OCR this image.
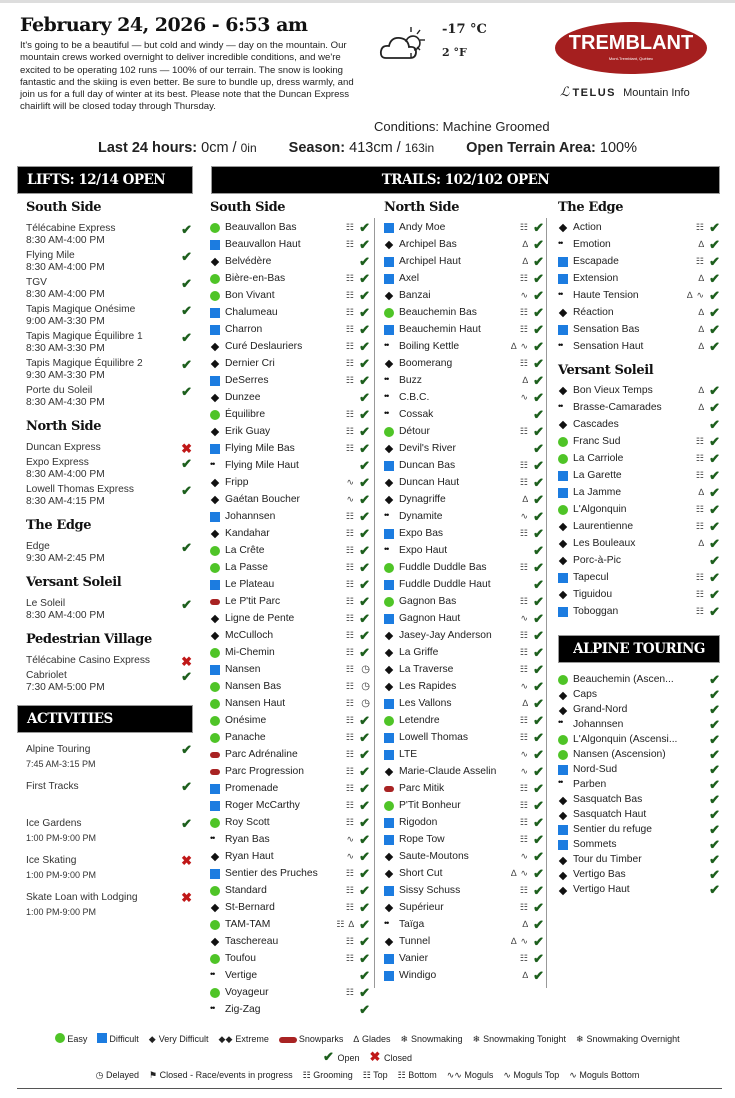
February 24, 2026 - 6:53 am

It's going to be a beautiful — but cold and windy — day on the mountain. Our mountain crews worked overnight to deliver incredible conditions, and we're excited to be operating 102 runs — 100% of our terrain. The snow is looking fantastic and the skiing is even better. Be sure to bundle up, dress warmly, and join us for a full day of winter at its best. Please note that the Duncan Express chairlift will be closed today through Thursday.

-17 °C
2 °F	TREMBLANT
Mont-Tremblant, Québec
ℒ TELUS Mountain Info
Conditions: Machine Groomed
Last 24 hours: 0cm / 0in Season: 413cm / 163in Open Terrain Area: 100%
LIFTS: 12/14 OPEN	TRAILS: 102/102 OPEN
ACTIVITIES
ALPINE TOURING
South Side
Télécabine Express
8:30 AM-4:00 PM
✔
Flying Mile
8:30 AM-4:00 PM
✔
TGV
8:30 AM-4:00 PM
✔
Tapis Magique Onésime
9:00 AM-3:30 PM
✔
Tapis Magique Équilibre 1
8:30 AM-3:30 PM
✔
Tapis Magique Équilibre 2
9:30 AM-3:30 PM
✔
Porte du Soleil
8:30 AM-4:30 PM
✔
North Side
Duncan Express	✖
Expo Express
8:30 AM-4:00 PM
✔
Lowell Thomas Express
8:30 AM-4:15 PM
✔
The Edge
Edge
9:30 AM-2:45 PM
✔
Versant Soleil
Le Soleil
8:30 AM-4:00 PM
✔
Pedestrian Village
Télécabine Casino Express	✖
Cabriolet
7:30 AM-5:00 PM
✔
Alpine Touring
7:45 AM-3:15 PM
✔
First Tracks	✔
Ice Gardens
1:00 PM-9:00 PM
✔
Ice Skating
1:00 PM-9:00 PM
✖
Skate Loan with Lodging
1:00 PM-9:00 PM
✖
South Side
Beauvallon Bas	☷ ✔
Beauvallon Haut	☷ ✔
Belvédère	✔
Bière-en-Bas	☷ ✔
Bon Vivant	☷ ✔
Chalumeau	☷ ✔
Charron	☷ ✔
Curé Deslauriers	☷ ✔
Dernier Cri	☷ ✔
DeSerres	☷ ✔
Dunzee	✔
Équilibre	☷ ✔
Erik Guay	☷ ✔
Flying Mile Bas	☷ ✔
••
Flying Mile Haut	✔
Fripp	∿ ✔
Gaétan Boucher	∿ ✔
Johannsen	☷ ✔
Kandahar	☷ ✔
La Crête	☷ ✔
La Passe	☷ ✔
Le Plateau	☷ ✔
Le P'tit Parc	☷ ✔
Ligne de Pente	☷ ✔
McCulloch	☷ ✔
Mi-Chemin	☷ ✔
Nansen	☷ ◷
Nansen Bas	☷ ◷
Nansen Haut	☷ ◷
Onésime	☷ ✔
Panache	☷ ✔
Parc Adrénaline	☷ ✔
Parc Progression	☷ ✔
Promenade	☷ ✔
Roger McCarthy	☷ ✔
Roy Scott	☷ ✔
••
Ryan Bas	∿ ✔
Ryan Haut	∿ ✔
Sentier des Pruches	☷ ✔
Standard	☷ ✔
St-Bernard	☷ ✔
TAM-TAM	☷ ∆ ✔
Taschereau	☷ ✔
Toufou	☷ ✔
••
Vertige	✔
Voyageur	☷ ✔
••
Zig-Zag	✔
North Side
Andy Moe	☷ ✔
Archipel Bas	∆ ✔
Archipel Haut	∆ ✔
Axel	☷ ✔
Banzai	∿ ✔
Beauchemin Bas	☷ ✔
Beauchemin Haut	☷ ✔
••
Boiling Kettle	∆ ∿ ✔
Boomerang	☷ ✔
••
Buzz	∆ ✔
••
C.B.C.	∿ ✔
••
Cossak	✔
Détour	☷ ✔
Devil's River	✔
Duncan Bas	☷ ✔
Duncan Haut	☷ ✔
Dynagriffe	∆ ✔
••
Dynamite	∿ ✔
Expo Bas	☷ ✔
••
Expo Haut	✔
Fuddle Duddle Bas	☷ ✔
Fuddle Duddle Haut	✔
Gagnon Bas	☷ ✔
Gagnon Haut	∿ ✔
Jasey-Jay Anderson	☷ ✔
La Griffe	☷ ✔
La Traverse	☷ ✔
Les Rapides	∿ ✔
Les Vallons	∆ ✔
Letendre	☷ ✔
Lowell Thomas	☷ ✔
LTE	∿ ✔
Marie-Claude Asselin	∿ ✔
Parc Mitik	☷ ✔
P'Tit Bonheur	☷ ✔
Rigodon	☷ ✔
Rope Tow	☷ ✔
Saute-Moutons	∿ ✔
Short Cut	∆ ∿ ✔
Sissy Schuss	☷ ✔
Supérieur	☷ ✔
••
Taïga	∆ ✔
Tunnel	∆ ∿ ✔
Vanier	☷ ✔
Windigo	∆ ✔
The Edge
Action	☷ ✔
••
Emotion	∆ ✔
Escapade	☷ ✔
Extension	∆ ✔
••
Haute Tension	∆ ∿ ✔
Réaction	∆ ✔
Sensation Bas	∆ ✔
••
Sensation Haut	∆ ✔
Versant Soleil
Bon Vieux Temps	∆ ✔
••
Brasse-Camarades	∆ ✔
Cascades	✔
Franc Sud	☷ ✔
La Carriole	☷ ✔
La Garette	☷ ✔
La Jamme	∆ ✔
L'Algonquin	☷ ✔
Laurentienne	☷ ✔
Les Bouleaux	∆ ✔
Porc-à-Pic	✔
Tapecul	☷ ✔
Tiguidou	☷ ✔
Toboggan	☷ ✔
Beauchemin (Ascen...	✔
Caps	✔
Grand-Nord	✔
••
Johannsen	✔
L'Algonquin (Ascensi... ✔
Nansen (Ascension)	✔
Nord-Sud	✔
••
Parben	✔
Sasquatch Bas	✔
Sasquatch Haut	✔
Sentier du refuge	✔
Sommets	✔
Tour du Timber	✔
Vertigo Bas	✔
Vertigo Haut	✔
Easy Difficult ◆ Very Difficult ◆◆ Extreme	Snowparks ∆ Glades ❄ Snowmaking ❄ Snowmaking Tonight ❄ Snowmaking Overnight
✔ Open ✖ Closed
◷ Delayed ⚑ Closed - Race/events in progress ☷ Grooming ☷ Top ☷ Bottom ∿∿ Moguls ∿ Moguls Top ∿ Moguls Bottom
